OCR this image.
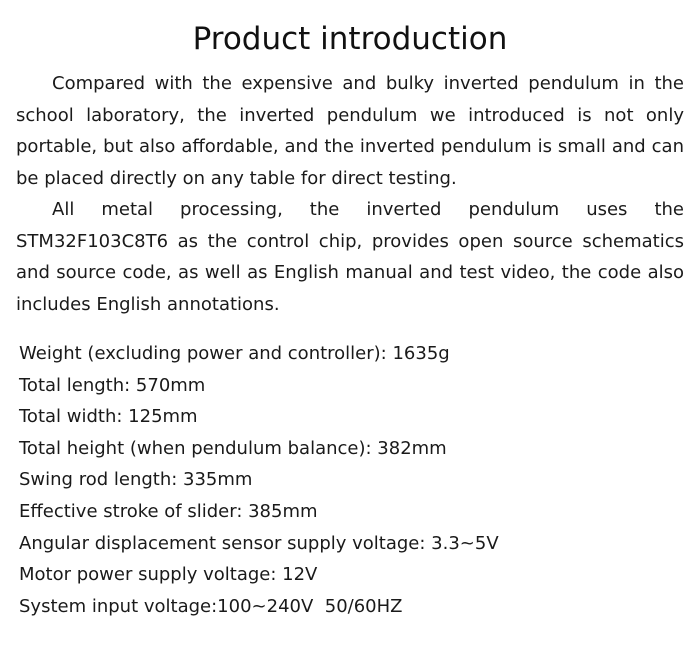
Product introduction

Compared with the expensive and bulky inverted pendulum in the school laboratory, the inverted pendulum we introduced is not only portable, but also affordable, and the inverted pendulum is small and can be placed directly on any table for direct testing.

All metal processing, the inverted pendulum uses the STM32F103C8T6 as the control chip, provides open source schematics and source code, as well as English manual and test video, the code also includes English annotations.

Weight (excluding power and controller): 1635g
Total length: 570mm
Total width: 125mm
Total height (when pendulum balance): 382mm
Swing rod length: 335mm
Effective stroke of slider: 385mm
Angular displacement sensor supply voltage: 3.3~5V
Motor power supply voltage: 12V
System input voltage:100~240V  50/60HZ
